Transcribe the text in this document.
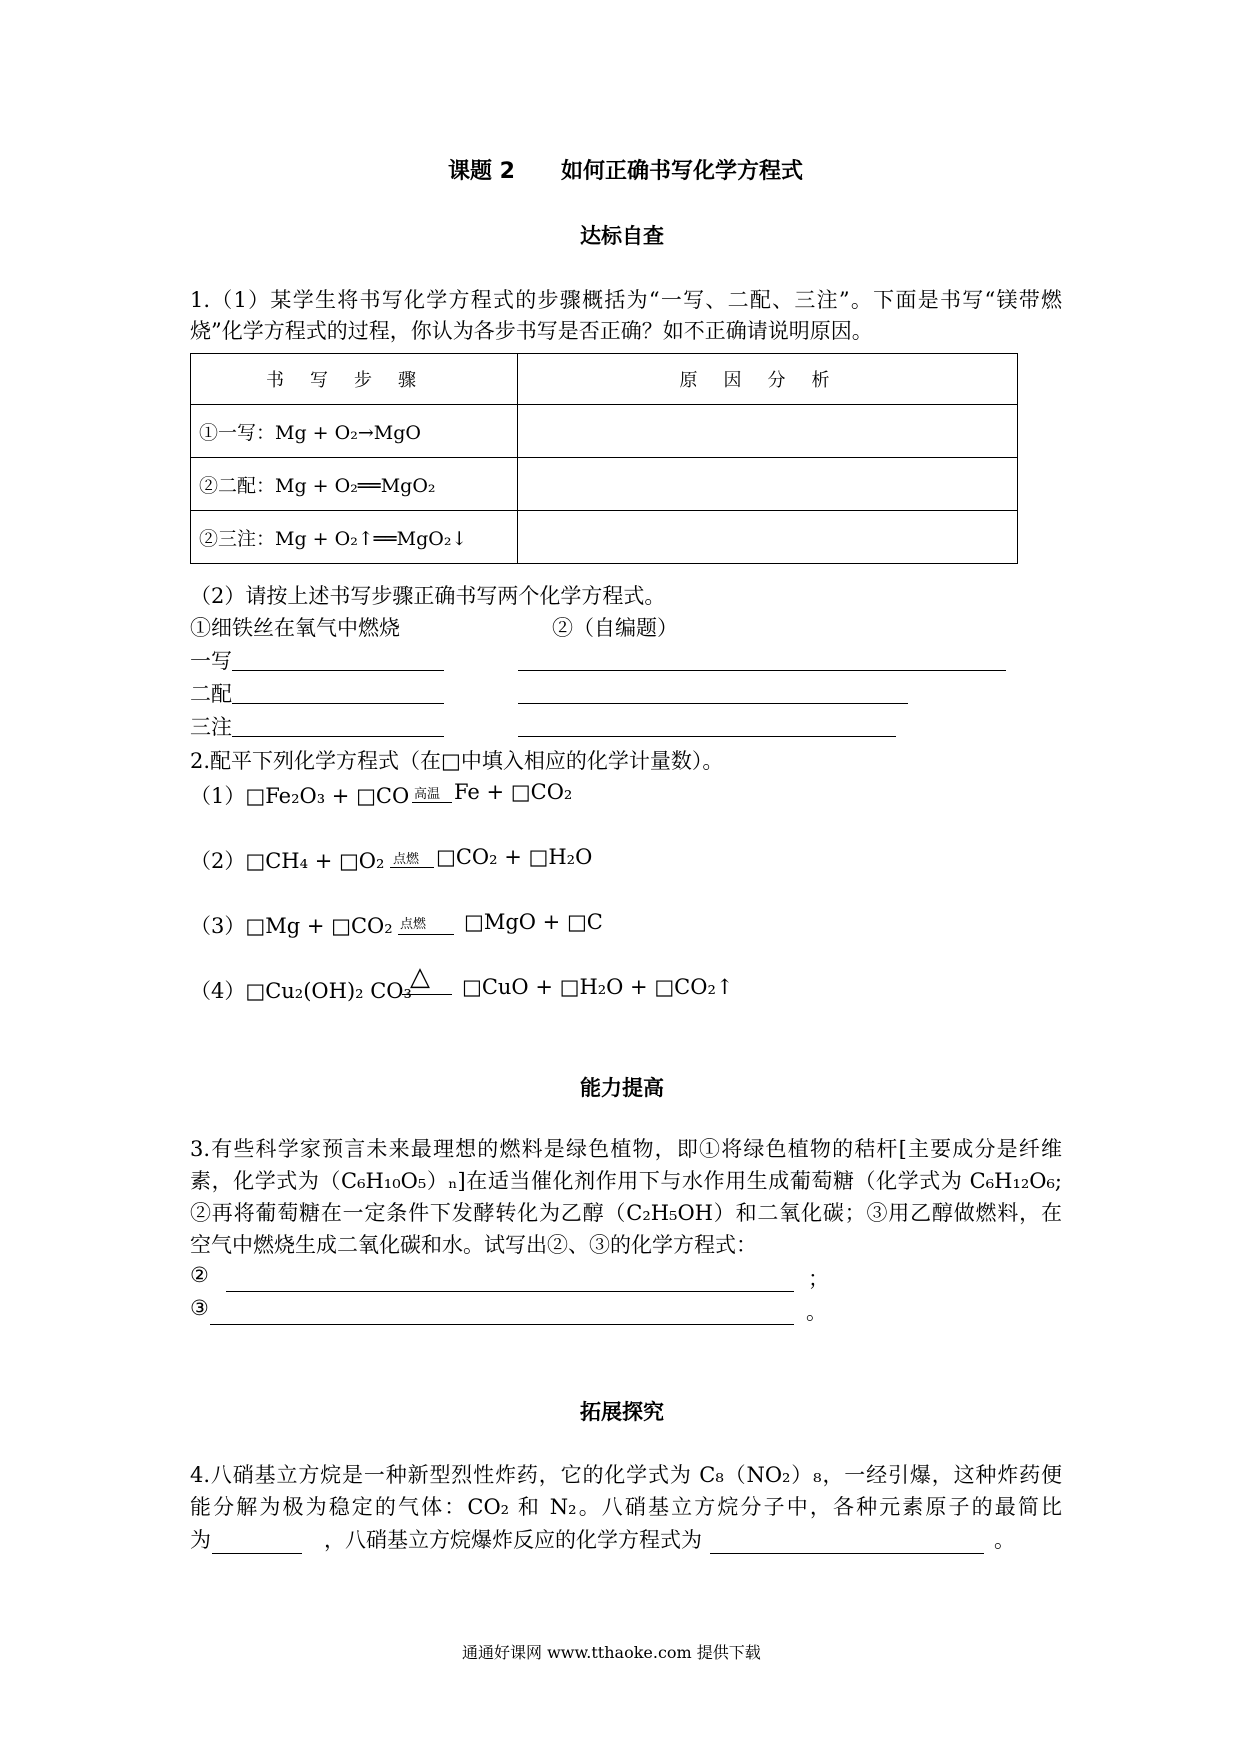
课题 2 如何正确书写化学方程式
达标自查
1.（1）某学生将书写化学方程式的步骤概括为“一写、二配、三注”。下面是书写“镁带燃
烧”化学方程式的过程，你认为各步书写是否正确？如不正确请说明原因。
书写步骤	原因分析
①一写：Mg + O₂→MgO	
②二配：Mg + O₂══MgO₂	
②三注：Mg + O₂↑══MgO₂↓	
（2）请按上述书写步骤正确书写两个化学方程式。
①细铁丝在氧气中燃烧	②（自编题）
一写
二配
三注
2.配平下列化学方程式（在□中填入相应的化学计量数）。
（1）□Fe₂O₃ + □CO 高温 Fe + □CO₂
（2）□CH₄ + □O₂ 点燃 □CO₂ + □H₂O
（3）□Mg + □CO₂ 点燃 □MgO + □C
（4）□Cu₂(OH)₂ CO₃
△ □CuO + □H₂O + □CO₂↑
能力提高
3.有些科学家预言未来最理想的燃料是绿色植物，即①将绿色植物的秸杆[主要成分是纤维
素，化学式为（C₆H₁₀O₅）ₙ]在适当催化剂作用下与水作用生成葡萄糖（化学式为 C₆H₁₂O₆;
②再将葡萄糖在一定条件下发酵转化为乙醇（C₂H₅OH）和二氧化碳；③用乙醇做燃料，在
空气中燃烧生成二氧化碳和水。试写出②、③的化学方程式：
②	；
③	。
拓展探究
4.八硝基立方烷是一种新型烈性炸药，它的化学式为 C₈（NO₂）₈，一经引爆，这种炸药便
能分解为极为稳定的气体：CO₂ 和 N₂。八硝基立方烷分子中，各种元素原子的最简比
为	，八硝基立方烷爆炸反应的化学方程式为	。
通通好课网 www.tthaoke.com 提供下载
